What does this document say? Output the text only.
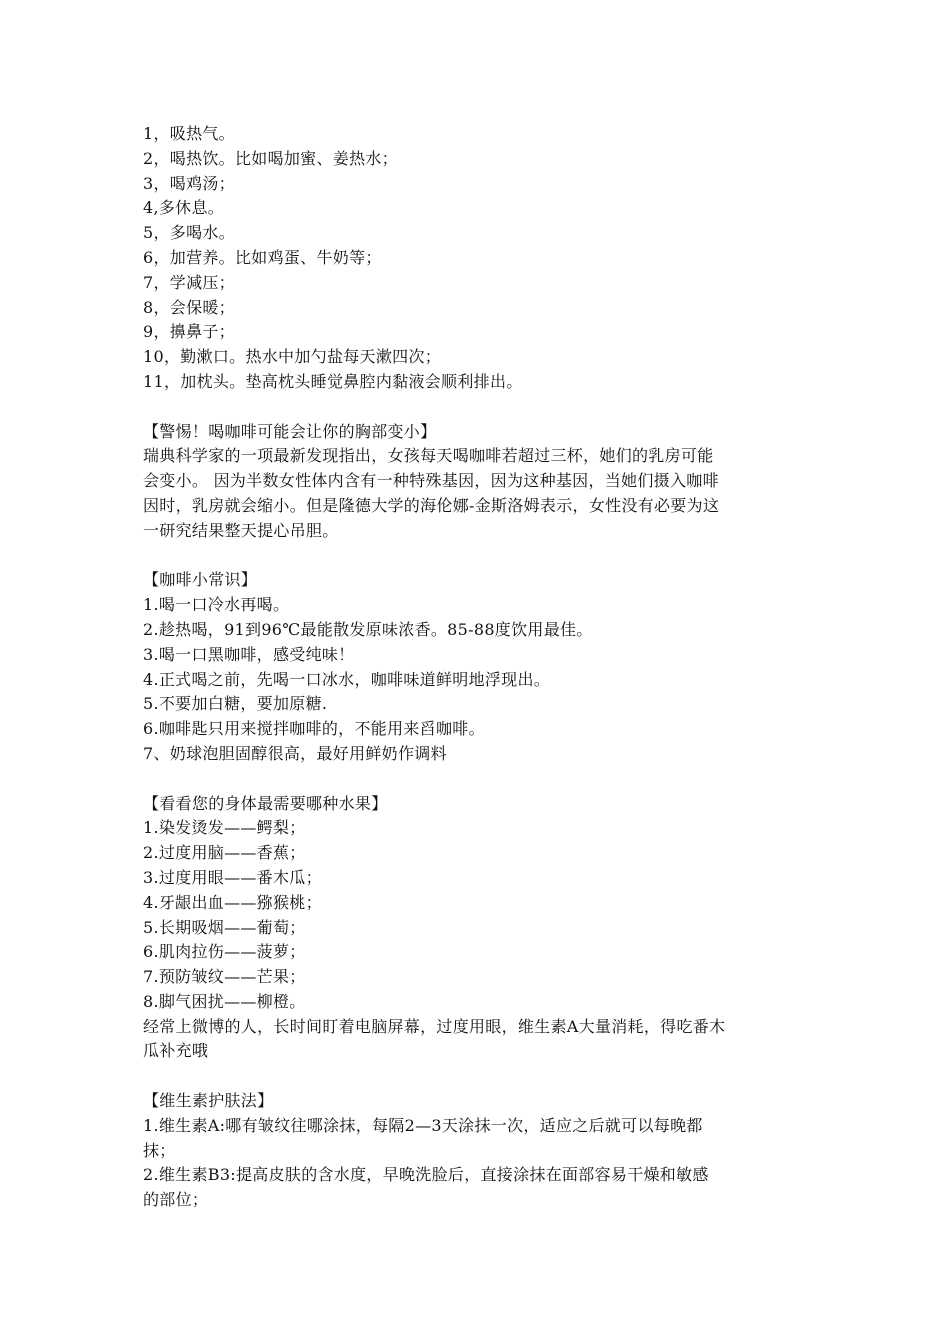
1，吸热气。
2，喝热饮。比如喝加蜜、姜热水；
3，喝鸡汤；
4,多休息。
5，多喝水。
6，加营养。比如鸡蛋、牛奶等；
7，学减压；
8，会保暖；
9，擤鼻子；
10，勤漱口。热水中加勺盐每天漱四次；
11，加枕头。垫高枕头睡觉鼻腔内黏液会顺利排出。
【警惕！喝咖啡可能会让你的胸部变小】
瑞典科学家的一项最新发现指出，女孩每天喝咖啡若超过三杯，她们的乳房可能
会变小。 因为半数女性体内含有一种特殊基因，因为这种基因，当她们摄入咖啡
因时，乳房就会缩小。但是隆德大学的海伦娜-金斯洛姆表示，女性没有必要为这
一研究结果整天提心吊胆。
【咖啡小常识】
1.喝一口冷水再喝。
2.趁热喝，91到96℃最能散发原味浓香。85-88度饮用最佳。
3.喝一口黑咖啡，感受纯味！
4.正式喝之前，先喝一口冰水，咖啡味道鲜明地浮现出。
5.不要加白糖，要加原糖.
6.咖啡匙只用来搅拌咖啡的，不能用来舀咖啡。
7、奶球泡胆固醇很高，最好用鲜奶作调料
【看看您的身体最需要哪种水果】
1.染发烫发——鳄梨；
2.过度用脑——香蕉；
3.过度用眼——番木瓜；
4.牙龈出血——猕猴桃；
5.长期吸烟——葡萄；
6.肌肉拉伤——菠萝；
7.预防皱纹——芒果；
8.脚气困扰——柳橙。
经常上微博的人，长时间盯着电脑屏幕，过度用眼，维生素A大量消耗，得吃番木
瓜补充哦
【维生素护肤法】
1.维生素A:哪有皱纹往哪涂抹，每隔2—3天涂抹一次，适应之后就可以每晚都
抹；
2.维生素B3:提高皮肤的含水度，早晚洗脸后，直接涂抹在面部容易干燥和敏感
的部位；
